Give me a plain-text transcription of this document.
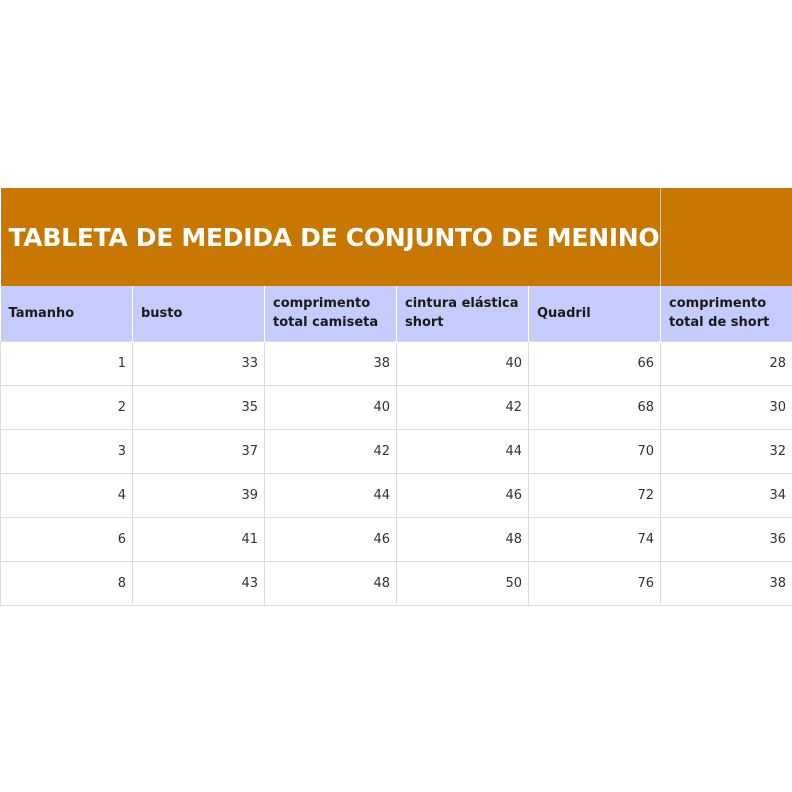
TABLETA DE MEDIDA DE CONJUNTO DE MENINO					
Tamanho	busto	comprimento total camiseta	cintura elástica short	Quadril	comprimento total de short
1	33	38	40	66	28
2	35	40	42	68	30
3	37	42	44	70	32
4	39	44	46	72	34
6	41	46	48	74	36
8	43	48	50	76	38
